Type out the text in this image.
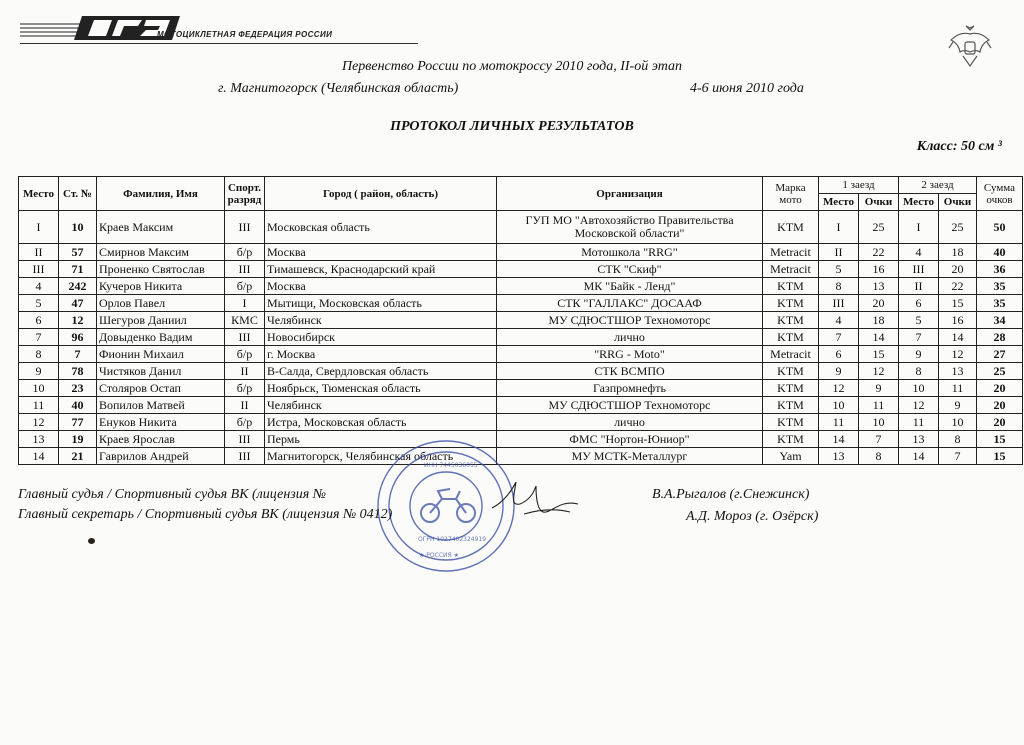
МОТОЦИКЛЕТНАЯ ФЕДЕРАЦИЯ РОССИИ
Первенство России по мотокроссу 2010 года, II-ой этап
г. Магнитогорск (Челябинская область)	4-6 июня 2010 года
ПРОТОКОЛ ЛИЧНЫХ РЕЗУЛЬТАТОВ
Класс: 50 см ³
Место	Ст. №	Фамилия, Имя	Спорт. разряд	Город ( район, область)	Организация	Марка мото	1 заезд		2 заезд		Сумма очков
							Место	Очки	Место	Очки	
I	10	Краев Максим	III	Московская область	ГУП МО "Автохозяйство Правительства Московской области"	KTM	I	25	I	25	50
II	57	Смирнов Максим	б/р	Москва	Мотошкола "RRG"	Metracit	II	22	4	18	40
III	71	Проненко Святослав	III	Тимашевск, Краснодарский край	СТК "Скиф"	Metracit	5	16	III	20	36
4	242	Кучеров Никита	б/р	Москва	МК "Байк - Ленд"	KTM	8	13	II	22	35
5	47	Орлов Павел	I	Мытищи, Московская область	СТК "ГАЛЛАКС" ДОСААФ	KTM	III	20	6	15	35
6	12	Шегуров Даниил	КМС	Челябинск	МУ СДЮСТШОР Техномоторс	KTM	4	18	5	16	34
7	96	Довыденко Вадим	III	Новосибирск	лично	KTM	7	14	7	14	28
8	7	Фионин Михаил	б/р	г. Москва	"RRG - Moto"	Metracit	6	15	9	12	27
9	78	Чистяков Данил	II	В-Салда, Свердловская область	СТК ВСМПО	KTM	9	12	8	13	25
10	23	Столяров Остап	б/р	Ноябрьск, Тюменская область	Газпромнефть	KTM	12	9	10	11	20
11	40	Вопилов Матвей	II	Челябинск	МУ СДЮСТШОР Техномоторс	KTM	10	11	12	9	20
12	77	Енуков Никита	б/р	Истра, Московская область	лично	KTM	11	10	11	10	20
13	19	Краев Ярослав	III	Пермь	ФМС "Нортон-Юниор"	KTM	14	7	13	8	15
14	21	Гаврилов Андрей	III	Магнитогорск, Челябинская область	МУ МСТК-Металлург	Yam	13	8	14	7	15
★ РОССИЯ ★
ИНН 7445036055
ОГРН 1027402324919
Главный судья / Спортивный судья ВК (лицензия №
Главный секретарь / Спортивный судья ВК (лицензия № 0412)
В.А.Рыгалов (г.Снежинск)
А.Д. Мороз (г. Озёрск)
